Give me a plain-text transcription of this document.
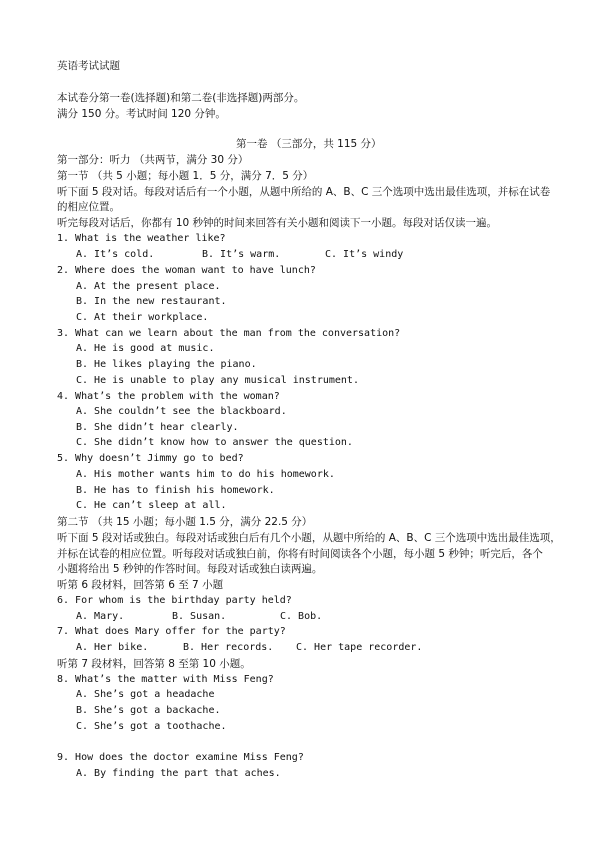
英语考试试题
本试卷分第一卷(选择题)和第二卷(非选择题)两部分。
满分 150 分。考试时间 120 分钟。
第一卷 （三部分，共 115 分）
第一部分：听力 （共两节，满分 30 分）
第一节 （共 5 小题；每小题 1．5 分，满分 7．5 分）
听下面 5 段对话。每段对话后有一个小题，从题中所给的 A、B、C 三个选项中选出最佳选项，并标在试卷
的相应位置。
听完每段对话后，你都有 10 秒钟的时间来回答有关小题和阅读下一小题。每段对话仅读一遍。
1. What is the weather like?
A. It’s cold.	B. It’s warm.	C. It’s windy
2. Where does the woman want to have lunch?
A. At the present place.
B. In the new restaurant.
C. At their workplace.
3. What can we learn about the man from the conversation?
A. He is good at music.
B. He likes playing the piano.
C. He is unable to play any musical instrument.
4. What’s the problem with the woman?
A. She couldn’t see the blackboard.
B. She didn’t hear clearly.
C. She didn’t know how to answer the question.
5. Why doesn’t Jimmy go to bed?
A. His mother wants him to do his homework.
B. He has to finish his homework.
C. He can’t sleep at all.
第二节 （共 15 小题；每小题 1.5 分，满分 22.5 分）
听下面 5 段对话或独白。每段对话或独白后有几个小题，从题中所给的 A、B、C 三个选项中选出最佳选项，
并标在试卷的相应位置。听每段对话或独白前，你将有时间阅读各个小题，每小题 5 秒钟；听完后，各个
小题将给出 5 秒钟的作答时间。每段对话或独白读两遍。
听第 6 段材料，回答第 6 至 7 小题
6. For whom is the birthday party held?
A. Mary.	B. Susan.	C. Bob.
7. What does Mary offer for the party?
A. Her bike.	B. Her records. C. Her tape recorder.
听第 7 段材料，回答第 8 至第 10 小题。
8. What’s the matter with Miss Feng?
A. She’s got a headache
B. She’s got a backache.
C. She’s got a toothache.
9. How does the doctor examine Miss Feng?
A. By finding the part that aches.
